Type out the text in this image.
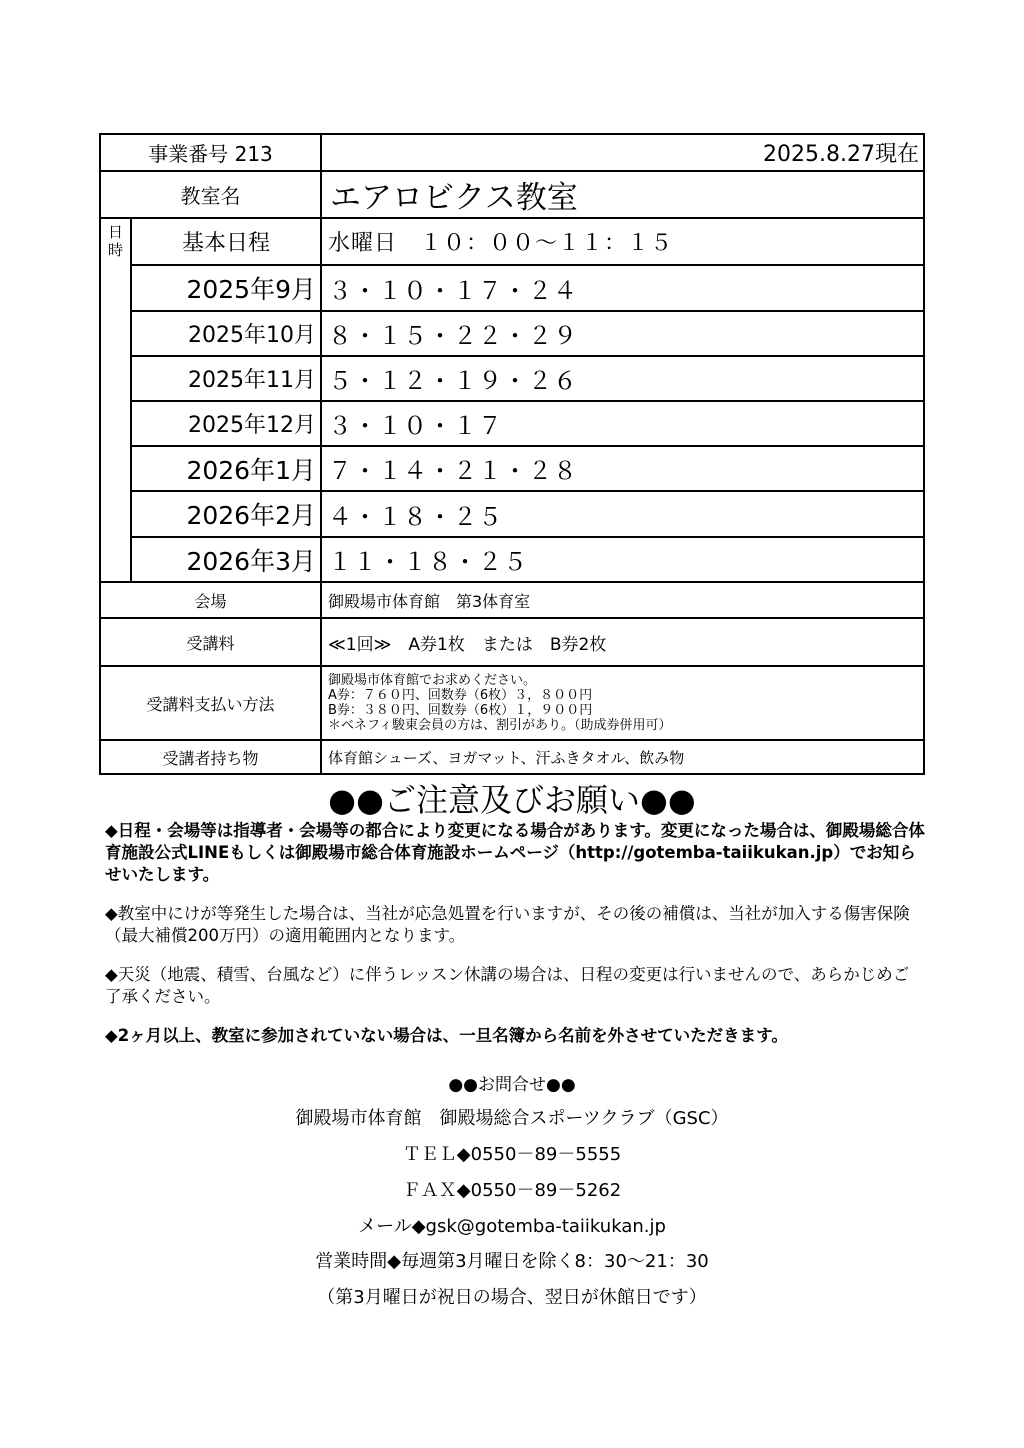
事業番号 213		2025.8.27現在
教室名		エアロビクス教室
日
時	基本日程	水曜日　１０：００～１１：１５
	2025年9月	３・１０・１７・２４
	2025年10月	８・１５・２２・２９
	2025年11月	５・１２・１９・２６
	2025年12月	３・１０・１７
	2026年1月	７・１４・２１・２８
	2026年2月	４・１８・２５
	2026年3月	１１・１８・２５
会場		御殿場市体育館　第3体育室
受講料		≪1回≫　A券1枚　または　B券2枚
受講料支払い方法		御殿場市体育館でお求めください。
A券：７６０円、回数券（6枚）３，８００円
B券：３８０円、回数券（6枚）１，９００円
＊ベネフィ駿東会員の方は、割引があり。（助成券併用可）

受講者持ち物		体育館シューズ、ヨガマット、汗ふきタオル、飲み物
●●ご注意及びお願い●●

◆日程・会場等は指導者・会場等の都合により変更になる場合があります。変更になった場合は、御殿場総合体育施設公式LINEもしくは御殿場市総合体育施設ホームページ（http://gotemba-taiikukan.jp）でお知らせいたします。

◆教室中にけが等発生した場合は、当社が応急処置を行いますが、その後の補償は、当社が加入する傷害保険（最大補償200万円）の適用範囲内となります。

◆天災（地震、積雪、台風など）に伴うレッスン休講の場合は、日程の変更は行いませんので、あらかじめご了承ください。

◆2ヶ月以上、教室に参加されていない場合は、一旦名簿から名前を外させていただきます。

●●お問合せ●●
御殿場市体育館　御殿場総合スポーツクラブ（GSC）
ＴＥＬ◆0550－89－5555
ＦＡＸ◆0550－89－5262
メール◆gsk@gotemba-taiikukan.jp
営業時間◆毎週第3月曜日を除く8：30～21：30
（第3月曜日が祝日の場合、翌日が休館日です）
